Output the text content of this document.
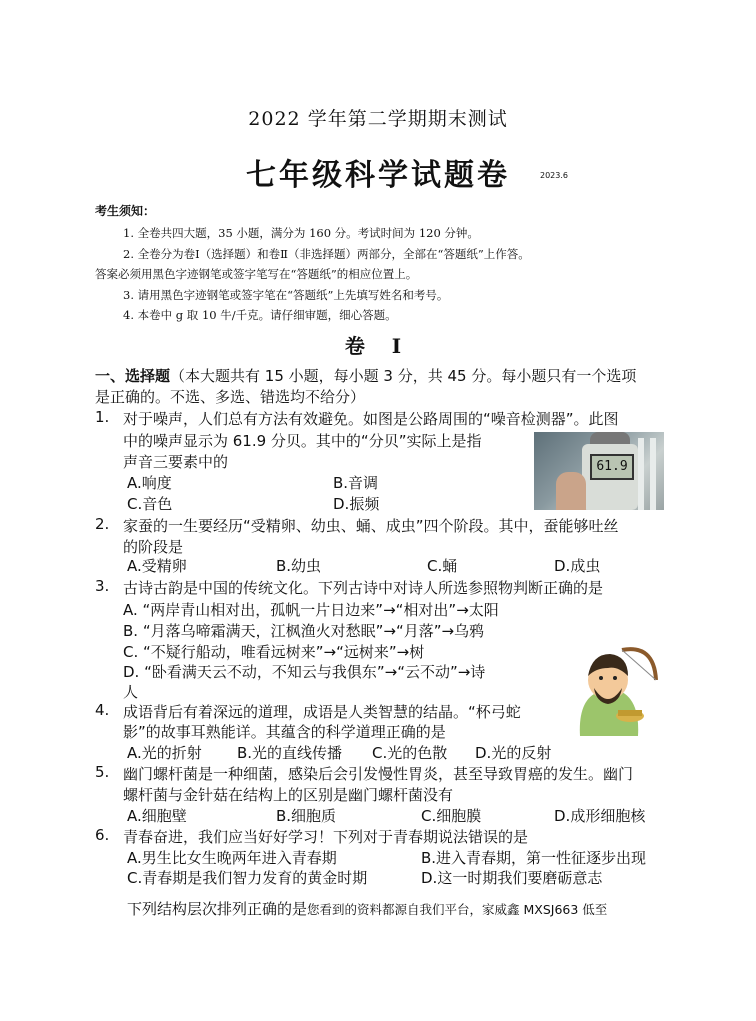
2022 学年第二学期期末测试
七年级科学试题卷	2023.6
考生须知：
1. 全卷共四大题，35 小题，满分为 160 分。考试时间为 120 分钟。
2. 全卷分为卷Ⅰ（选择题）和卷Ⅱ（非选择题）两部分，全部在“答题纸”上作答。
答案必须用黑色字迹钢笔或签字笔写在“答题纸”的相应位置上。
3. 请用黑色字迹钢笔或签字笔在“答题纸”上先填写姓名和考号。
4. 本卷中 g 取 10 牛/千克。请仔细审题，细心答题。
卷 Ⅰ
一、选择题（本大题共有 15 小题，每小题 3 分，共 45 分。每小题只有一个选项
是正确的。不选、多选、错选均不给分）
1. 对于噪声，人们总有方法有效避免。如图是公路周围的“噪音检测器”。此图
中的噪声显示为 61.9 分贝。其中的“分贝”实际上是指
声音三要素中的
A.响度	B.音调
C.音色	D.振频
61.9
2. 家蚕的一生要经历“受精卵、幼虫、蛹、成虫”四个阶段。其中，蚕能够吐丝
的阶段是
A.受精卵	B.幼虫	C.蛹	D.成虫
3. 古诗古韵是中国的传统文化。下列古诗中对诗人所选参照物判断正确的是
A. “两岸青山相对出，孤帆一片日边来”→“相对出”→太阳
B. “月落乌啼霜满天，江枫渔火对愁眠”→“月落”→乌鸦
C. “不疑行船动，唯看远树来”→“远树来”→树
D. “卧看满天云不动，不知云与我俱东”→“云不动”→诗
人
4. 成语背后有着深远的道理，成语是人类智慧的结晶。“杯弓蛇
影”的故事耳熟能详。其蕴含的科学道理正确的是
A.光的折射 B.光的直线传播 C.光的色散 D.光的反射
5. 幽门螺杆菌是一种细菌，感染后会引发慢性胃炎，甚至导致胃癌的发生。幽门
螺杆菌与金针菇在结构上的区别是幽门螺杆菌没有
A.细胞壁	B.细胞质	C.细胞膜	D.成形细胞核
6. 青春奋进，我们应当好好学习！下列对于青春期说法错误的是
A.男生比女生晚两年进入青春期	B.进入青春期，第一性征逐步出现
C.青春期是我们智力发育的黄金时期	D.这一时期我们要磨砺意志
下列结构层次排列正确的是您看到的资料都源自我们平台，家威鑫 MXSJ663 低至
